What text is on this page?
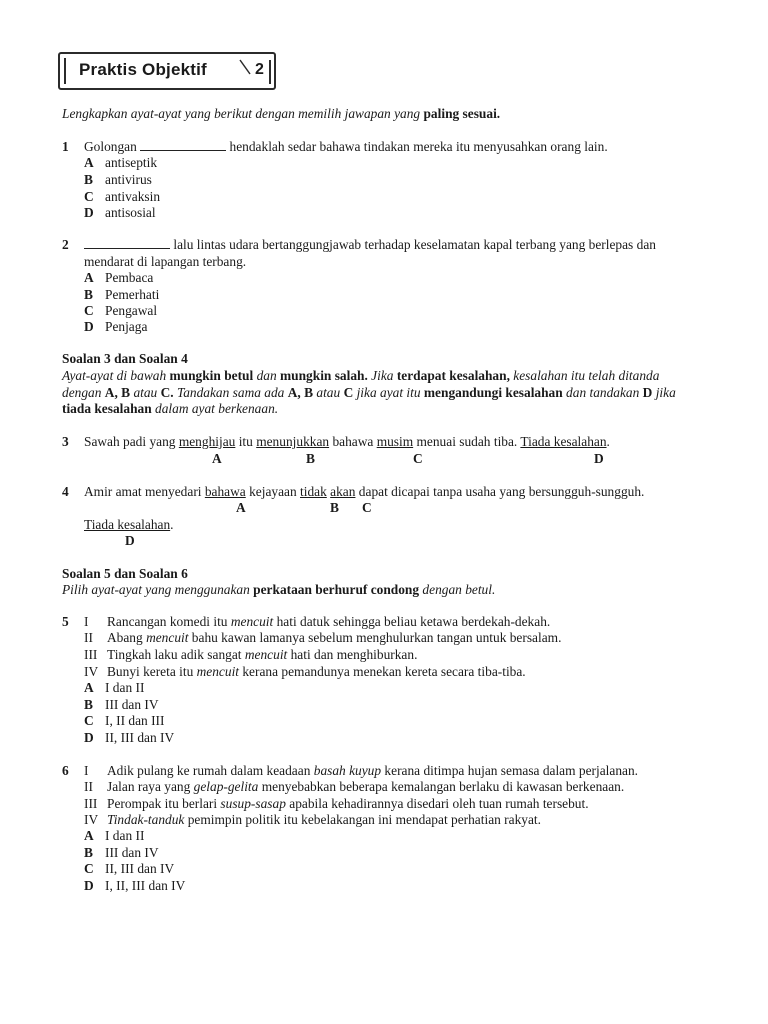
Praktis Objektif	2
Lengkapkan ayat-ayat yang berikut dengan memilih jawapan yang paling sesuai.
1 Golongan	hendaklah sedar bahawa tindakan mereka itu menyusahkan orang lain.
A antiseptik
B antivirus
C antivaksin
D antisosial
2	lalu lintas udara bertanggungjawab terhadap keselamatan kapal terbang yang berlepas dan
mendarat di lapangan terbang.
A Pembaca
B Pemerhati
C Pengawal
D Penjaga
Soalan 3 dan Soalan 4
Ayat-ayat di bawah mungkin betul dan mungkin salah. Jika terdapat kesalahan, kesalahan itu telah ditanda
dengan A, B atau C. Tandakan sama ada A, B atau C jika ayat itu mengandungi kesalahan dan tandakan D jika
tiada kesalahan dalam ayat berkenaan.
3 Sawah padi yang menghijau itu menunjukkan bahawa musim menuai sudah tiba. Tiada kesalahan.
A	B	C	D
4 Amir amat menyedari bahawa kejayaan tidak akan dapat dicapai tanpa usaha yang bersungguh-sungguh.
A	B C
Tiada kesalahan.
D
Soalan 5 dan Soalan 6
Pilih ayat-ayat yang menggunakan perkataan berhuruf condong dengan betul.
5 I Rancangan komedi itu mencuit hati datuk sehingga beliau ketawa berdekah-dekah.
II Abang mencuit bahu kawan lamanya sebelum menghulurkan tangan untuk bersalam.
III Tingkah laku adik sangat mencuit hati dan menghiburkan.
IV Bunyi kereta itu mencuit kerana pemandunya menekan kereta secara tiba-tiba.
A I dan II
B III dan IV
C I, II dan III
D II, III dan IV
6 I Adik pulang ke rumah dalam keadaan basah kuyup kerana ditimpa hujan semasa dalam perjalanan.
II Jalan raya yang gelap-gelita menyebabkan beberapa kemalangan berlaku di kawasan berkenaan.
III Perompak itu berlari susup-sasap apabila kehadirannya disedari oleh tuan rumah tersebut.
IV Tindak-tanduk pemimpin politik itu kebelakangan ini mendapat perhatian rakyat.
A I dan II
B III dan IV
C II, III dan IV
D I, II, III dan IV
